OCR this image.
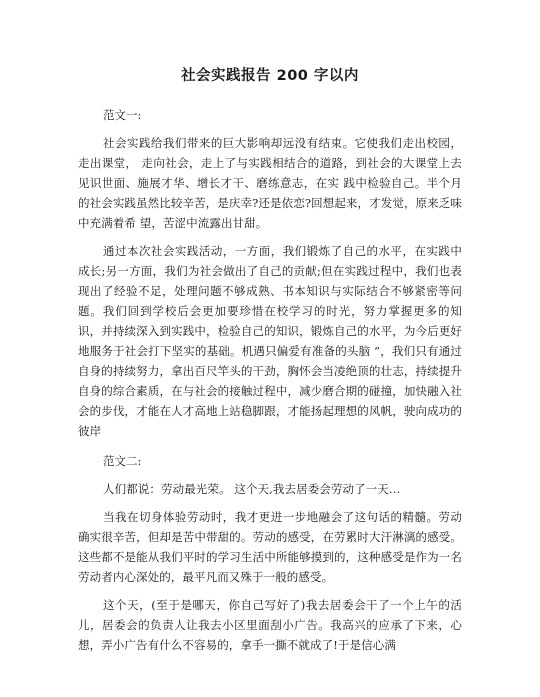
社会实践报告 200 字以内

范文一:

社会实践给我们带来的巨大影响却远没有结束。它使我们走出校园，走出课堂， 走向社会，走上了与实践相结合的道路，到社会的大课堂上去见识世面、施展才华、增长才干、磨练意志，在实 践中检验自己。半个月的社会实践虽然比较辛苦，是庆幸?还是依恋?回想起来，才发觉，原来乏味中充满着希 望，苦涩中流露出甘甜。

通过本次社会实践活动，一方面，我们锻炼了自己的水平，在实践中成长;另一方面，我们为社会做出了自己的贡献;但在实践过程中，我们也表现出了经验不足，处理问题不够成熟、书本知识与实际结合不够紧密等问题。我们回到学校后会更加要珍惜在校学习的时光，努力掌握更多的知 识，并持续深入到实践中，检验自己的知识，锻炼自己的水平，为今后更好地服务于社会打下坚实的基础。机遇只偏爱有准备的头脑 ”，我们只有通过自身的持续努力，拿出百尺竿头的干劲，胸怀会当凌绝顶的壮志，持续提升自身的综合素质，在与社会的接触过程中，减少磨合期的碰撞，加快融入社会的步伐，才能在人才高地上站稳脚跟，才能扬起理想的风帆，驶向成功的彼岸

范文二:

人们都说：劳动最光荣。 这个天,我去居委会劳动了一天…

当我在切身体验劳动时，我才更进一步地融会了这句话的精髓。劳动确实很辛苦，但却是苦中带甜的。劳动的感受，在劳累时大汗淋漓的感受。这些都不是能从我们平时的学习生活中所能够摸到的，这种感受是作为一名劳动者内心深处的，最平凡而又殊于一般的感受。

这个天，(至于是哪天，你自己写好了)我去居委会干了一个上午的活儿，居委会的负责人让我去小区里面刮小广告。我高兴的应承了下来，心想，弄小广告有什么不容易的，拿手一撕不就成了!于是信心满
